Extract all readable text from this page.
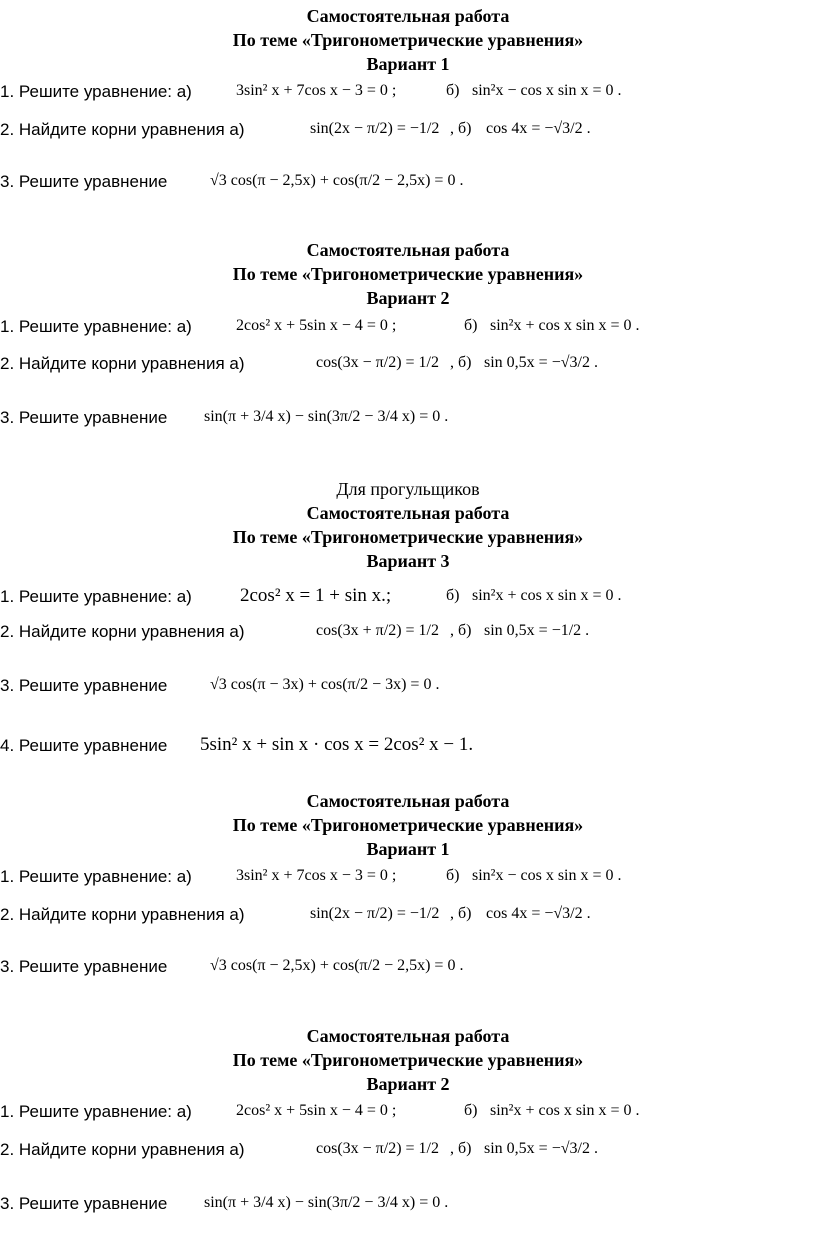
Самостоятельная работа
По теме «Тригонометрические уравнения»
Вариант 1
1. Решите уравнение: а)	3sin² x + 7cos x − 3 = 0 ;	б) sin²x − cos x sin x = 0 .
2. Найдите корни уравнения а)	sin(2x − π/2) = −1/2 , б) cos 4x = −√3/2 .
3. Решите уравнение	√3 cos(π − 2,5x) + cos(π/2 − 2,5x) = 0 .
Самостоятельная работа
По теме «Тригонометрические уравнения»
Вариант 2
1. Решите уравнение: а)	2cos² x + 5sin x − 4 = 0 ;	б) sin²x + cos x sin x = 0 .
2. Найдите корни уравнения а)	cos(3x − π/2) = 1/2 , б) sin 0,5x = −√3/2 .
3. Решите уравнение sin(π + 3/4 x) − sin(3π/2 − 3/4 x) = 0 .
Для прогульщиков
Самостоятельная работа
По теме «Тригонометрические уравнения»
Вариант 3
1. Решите уравнение: а)	2cos² x = 1 + sin x.;	б) sin²x + cos x sin x = 0 .
2. Найдите корни уравнения а)	cos(3x + π/2) = 1/2 , б) sin 0,5x = −1/2 .
3. Решите уравнение	√3 cos(π − 3x) + cos(π/2 − 3x) = 0 .
4. Решите уравнение 5sin² x + sin x · cos x = 2cos² x − 1.
Самостоятельная работа
По теме «Тригонометрические уравнения»
Вариант 1
1. Решите уравнение: а)	3sin² x + 7cos x − 3 = 0 ;	б) sin²x − cos x sin x = 0 .
2. Найдите корни уравнения а)	sin(2x − π/2) = −1/2 , б) cos 4x = −√3/2 .
3. Решите уравнение	√3 cos(π − 2,5x) + cos(π/2 − 2,5x) = 0 .
Самостоятельная работа
По теме «Тригонометрические уравнения»
Вариант 2
1. Решите уравнение: а)	2cos² x + 5sin x − 4 = 0 ;	б) sin²x + cos x sin x = 0 .
2. Найдите корни уравнения а)	cos(3x − π/2) = 1/2 , б) sin 0,5x = −√3/2 .
3. Решите уравнение sin(π + 3/4 x) − sin(3π/2 − 3/4 x) = 0 .
